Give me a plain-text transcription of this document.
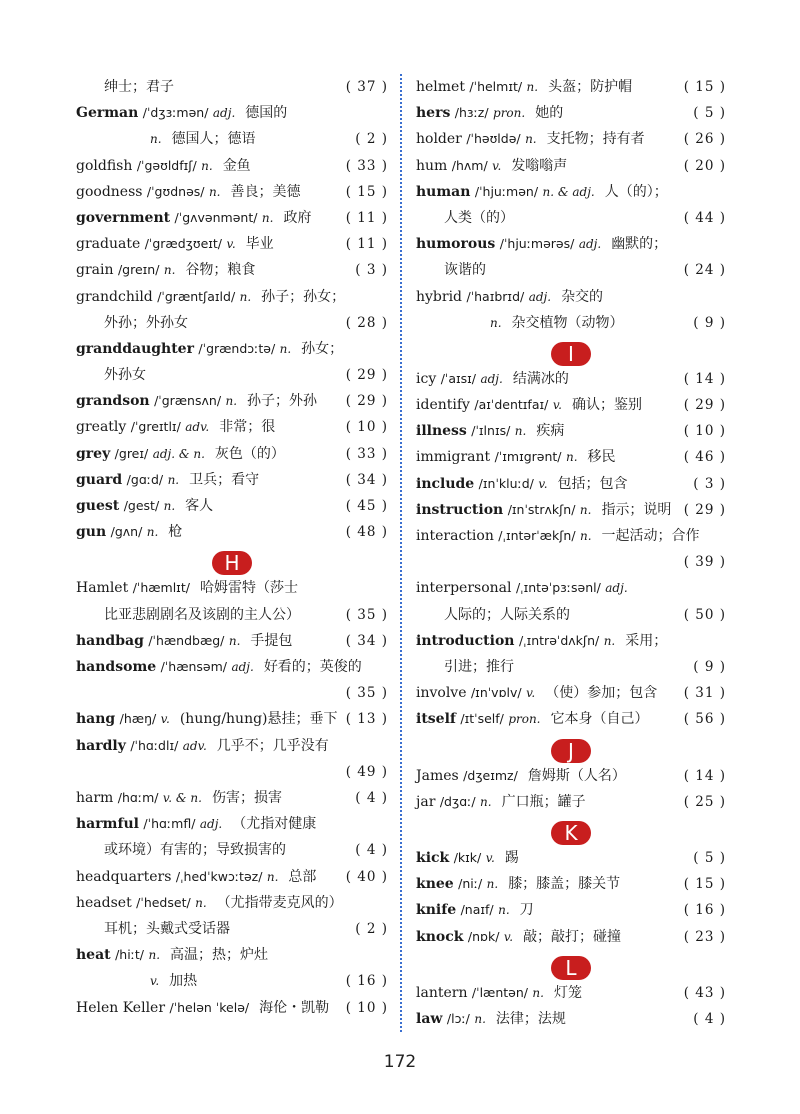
绅士；君子	( 37 )
German /ˈdʒɜːmən/ adj. 德国的
n. 德国人；德语	( 2 )
goldfish /ˈgəʊldfɪʃ/ n. 金鱼	( 33 )
goodness /ˈgʊdnəs/ n. 善良；美德	( 15 )
government /ˈgʌvənmənt/ n. 政府	( 11 )
graduate /ˈgrædʒʊeɪt/ v. 毕业	( 11 )
grain /greɪn/ n. 谷物；粮食	( 3 )
grandchild /ˈgræntʃaɪld/ n. 孙子；孙女；
外孙；外孙女	( 28 )
granddaughter /ˈgrændɔːtə/ n. 孙女；
外孙女	( 29 )
grandson /ˈgrænsʌn/ n. 孙子；外孙 ( 29 )
greatly /ˈgreɪtlɪ/ adv. 非常；很	( 10 )
grey /greɪ/ adj. & n. 灰色（的）	( 33 )
guard /gɑːd/ n. 卫兵；看守	( 34 )
guest /gest/ n. 客人	( 45 )
gun /gʌn/ n. 枪	( 48 )
H
Hamlet /ˈhæmlɪt/ 哈姆雷特（莎士
比亚悲剧剧名及该剧的主人公）	( 35 )
handbag /ˈhændbæg/ n. 手提包	( 34 )
handsome /ˈhænsəm/ adj. 好看的；英俊的
( 35 )
hang /hæŋ/ v. (hung/hung)悬挂；垂下 ( 13 )
hardly /ˈhɑːdlɪ/ adv. 几乎不；几乎没有
( 49 )
harm /hɑːm/ v. & n. 伤害；损害	( 4 )
harmful /ˈhɑːmfl/ adj. （尤指对健康
或环境）有害的；导致损害的	( 4 )
headquarters /ˌhedˈkwɔːtəz/ n. 总部 ( 40 )
headset /ˈhedset/ n. （尤指带麦克风的）
耳机；头戴式受话器	( 2 )
heat /hiːt/ n. 高温；热；炉灶
v. 加热	( 16 )
Helen Keller /ˈhelən ˈkelə/ 海伦・凯勒 ( 10 )
helmet /ˈhelmɪt/ n. 头盔；防护帽	( 15 )
hers /hɜːz/ pron. 她的	( 5 )
holder /ˈhəʊldə/ n. 支托物；持有者	( 26 )
hum /hʌm/ v. 发嗡嗡声	( 20 )
human /ˈhjuːmən/ n. & adj. 人（的）；
人类（的）	( 44 )
humorous /ˈhjuːmərəs/ adj. 幽默的；
诙谐的	( 24 )
hybrid /ˈhaɪbrɪd/ adj. 杂交的
n. 杂交植物（动物）	( 9 )
I
icy /ˈaɪsɪ/ adj. 结满冰的	( 14 )
identify /aɪˈdentɪfaɪ/ v. 确认；鉴别	( 29 )
illness /ˈɪlnɪs/ n. 疾病	( 10 )
immigrant /ˈɪmɪgrənt/ n. 移民	( 46 )
include /ɪnˈkluːd/ v. 包括；包含	( 3 )
instruction /ɪnˈstrʌkʃn/ n. 指示；说明 ( 29 )
interaction /ˌɪntərˈækʃn/ n. 一起活动；合作
( 39 )
interpersonal /ˌɪntəˈpɜːsənl/ adj.
人际的；人际关系的	( 50 )
introduction /ˌɪntrəˈdʌkʃn/ n. 采用；
引进；推行	( 9 )
involve /ɪnˈvɒlv/ v. （使）参加；包含 ( 31 )
itself /ɪtˈself/ pron. 它本身（自己）	( 56 )
J
James /dʒeɪmz/ 詹姆斯（人名）	( 14 )
jar /dʒɑː/ n. 广口瓶；罐子	( 25 )
K
kick /kɪk/ v. 踢	( 5 )
knee /niː/ n. 膝；膝盖；膝关节	( 15 )
knife /naɪf/ n. 刀	( 16 )
knock /nɒk/ v. 敲；敲打；碰撞	( 23 )
L
lantern /ˈlæntən/ n. 灯笼	( 43 )
law /lɔː/ n. 法律；法规	( 4 )
172
